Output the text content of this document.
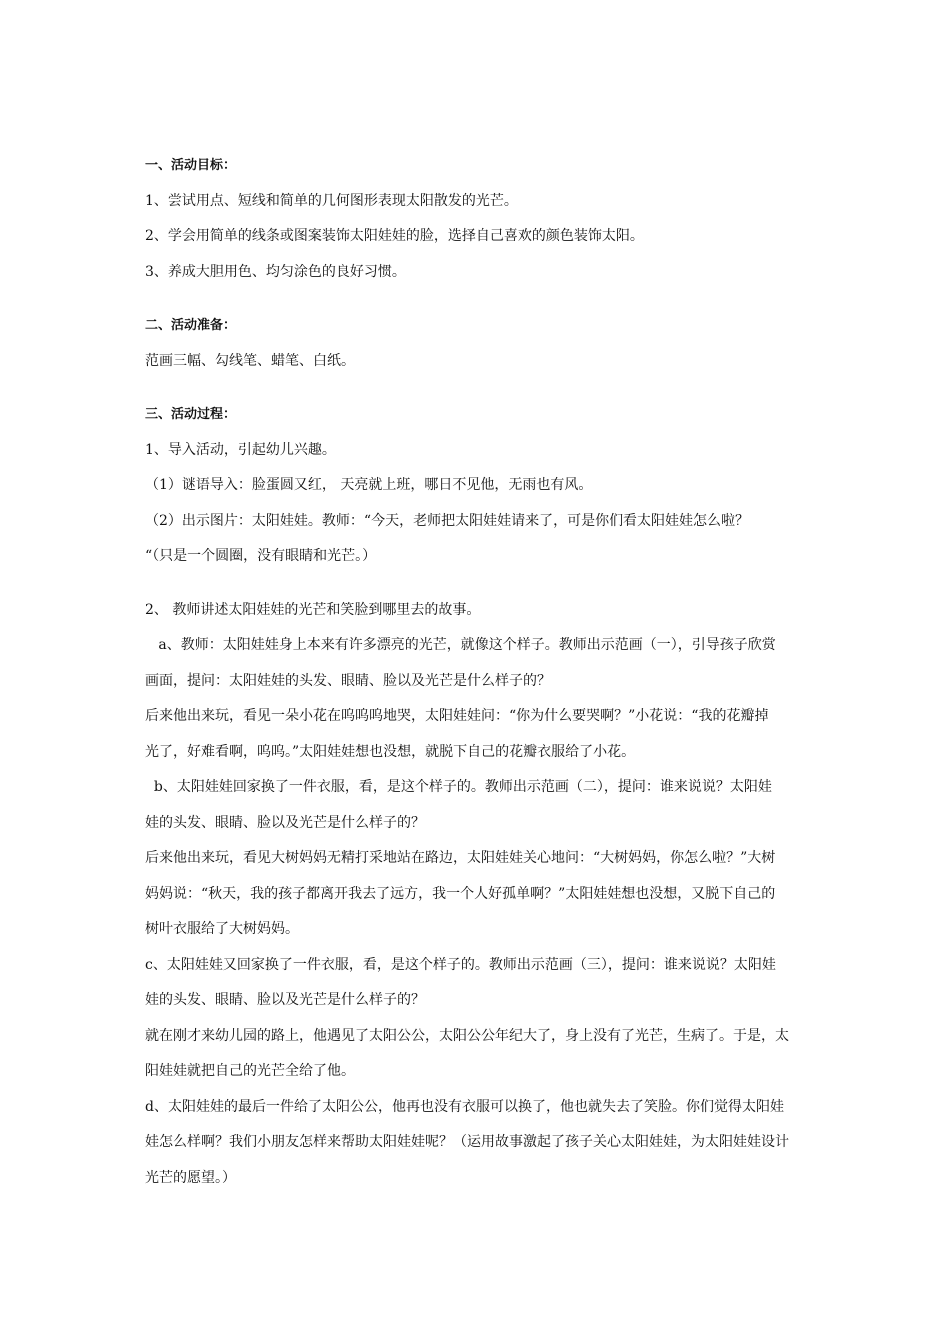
一、活动目标：

1、尝试用点、短线和简单的几何图形表现太阳散发的光芒。

2、学会用简单的线条或图案装饰太阳娃娃的脸，选择自己喜欢的颜色装饰太阳。

3、养成大胆用色、均匀涂色的良好习惯。

二、活动准备：

范画三幅、勾线笔、蜡笔、白纸。

三、活动过程：

1、导入活动，引起幼儿兴趣。

（1）谜语导入：脸蛋圆又红， 天亮就上班，哪日不见他，无雨也有风。

（2）出示图片：太阳娃娃。教师：“今天，老师把太阳娃娃请来了，可是你们看太阳娃娃怎么啦？

“（只是一个圆圈，没有眼睛和光芒。）

2、 教师讲述太阳娃娃的光芒和笑脸到哪里去的故事。

a、教师：太阳娃娃身上本来有许多漂亮的光芒，就像这个样子。教师出示范画（一），引导孩子欣赏

画面，提问：太阳娃娃的头发、眼睛、脸以及光芒是什么样子的？

后来他出来玩，看见一朵小花在呜呜呜地哭，太阳娃娃问：“你为什么要哭啊？”小花说：“我的花瓣掉

光了，好难看啊，呜呜。”太阳娃娃想也没想，就脱下自己的花瓣衣服给了小花。

b、太阳娃娃回家换了一件衣服，看，是这个样子的。教师出示范画（二），提问：谁来说说？太阳娃

娃的头发、眼睛、脸以及光芒是什么样子的？

后来他出来玩，看见大树妈妈无精打采地站在路边，太阳娃娃关心地问：“大树妈妈，你怎么啦？”大树

妈妈说：“秋天，我的孩子都离开我去了远方，我一个人好孤单啊？”太阳娃娃想也没想，又脱下自己的

树叶衣服给了大树妈妈。

c、太阳娃娃又回家换了一件衣服，看，是这个样子的。教师出示范画（三），提问：谁来说说？太阳娃

娃的头发、眼睛、脸以及光芒是什么样子的？

就在刚才来幼儿园的路上，他遇见了太阳公公，太阳公公年纪大了，身上没有了光芒，生病了。于是，太

阳娃娃就把自己的光芒全给了他。

d、太阳娃娃的最后一件给了太阳公公，他再也没有衣服可以换了，他也就失去了笑脸。你们觉得太阳娃

娃怎么样啊？我们小朋友怎样来帮助太阳娃娃呢？（运用故事激起了孩子关心太阳娃娃，为太阳娃娃设计

光芒的愿望。）
